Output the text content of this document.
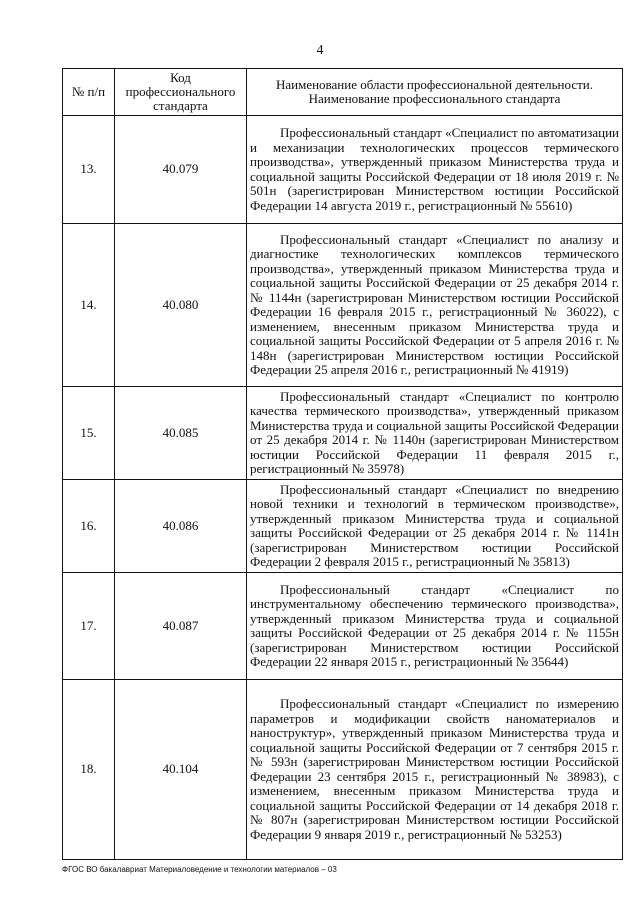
4
№ п/п	Код профессионального стандарта	Наименование области профессиональной деятельности. Наименование профессионального стандарта
13.	40.079	Профессиональный стандарт «Специалист по автоматизации и механизации технологических процессов термического производства», утвержденный приказом Министерства труда и социальной защиты Российской Федерации от 18 июля 2019 г. № 501н (зарегистрирован Министерством юстиции Российской Федерации 14 августа 2019 г., регистрационный № 55610)
14.	40.080	Профессиональный стандарт «Специалист по анализу и диагностике технологических комплексов термического производства», утвержденный приказом Министерства труда и социальной защиты Российской Федерации от 25 декабря 2014 г. № 1144н (зарегистрирован Министерством юстиции Российской Федерации 16 февраля 2015 г., регистрационный № 36022), с изменением, внесенным приказом Министерства труда и социальной защиты Российской Федерации от 5 апреля 2016 г. № 148н (зарегистрирован Министерством юстиции Российской Федерации 25 апреля 2016 г., регистрационный № 41919)
15.	40.085	Профессиональный стандарт «Специалист по контролю качества термического производства», утвержденный приказом Министерства труда и социальной защиты Российской Федерации от 25 декабря 2014 г. № 1140н (зарегистрирован Министерством юстиции Российской Федерации 11 февраля 2015 г., регистрационный № 35978)
16.	40.086	Профессиональный стандарт «Специалист по внедрению новой техники и технологий в термическом производстве», утвержденный приказом Министерства труда и социальной защиты Российской Федерации от 25 декабря 2014 г. № 1141н (зарегистрирован Министерством юстиции Российской Федерации 2 февраля 2015 г., регистрационный № 35813)
17.	40.087	Профессиональный стандарт «Специалист по инструментальному обеспечению термического производства», утвержденный приказом Министерства труда и социальной защиты Российской Федерации от 25 декабря 2014 г. № 1155н (зарегистрирован Министерством юстиции Российской Федерации 22 января 2015 г., регистрационный № 35644)
18.	40.104	Профессиональный стандарт «Специалист по измерению параметров и модификации свойств наноматериалов и наноструктур», утвержденный приказом Министерства труда и социальной защиты Российской Федерации от 7 сентября 2015 г. № 593н (зарегистрирован Министерством юстиции Российской Федерации 23 сентября 2015 г., регистрационный № 38983), с изменением, внесенным приказом Министерства труда и социальной защиты Российской Федерации от 14 декабря 2018 г. № 807н (зарегистрирован Министерством юстиции Российской Федерации 9 января 2019 г., регистрационный № 53253)
ФГОС ВО бакалавриат Материаловедение и технологии материалов – 03
